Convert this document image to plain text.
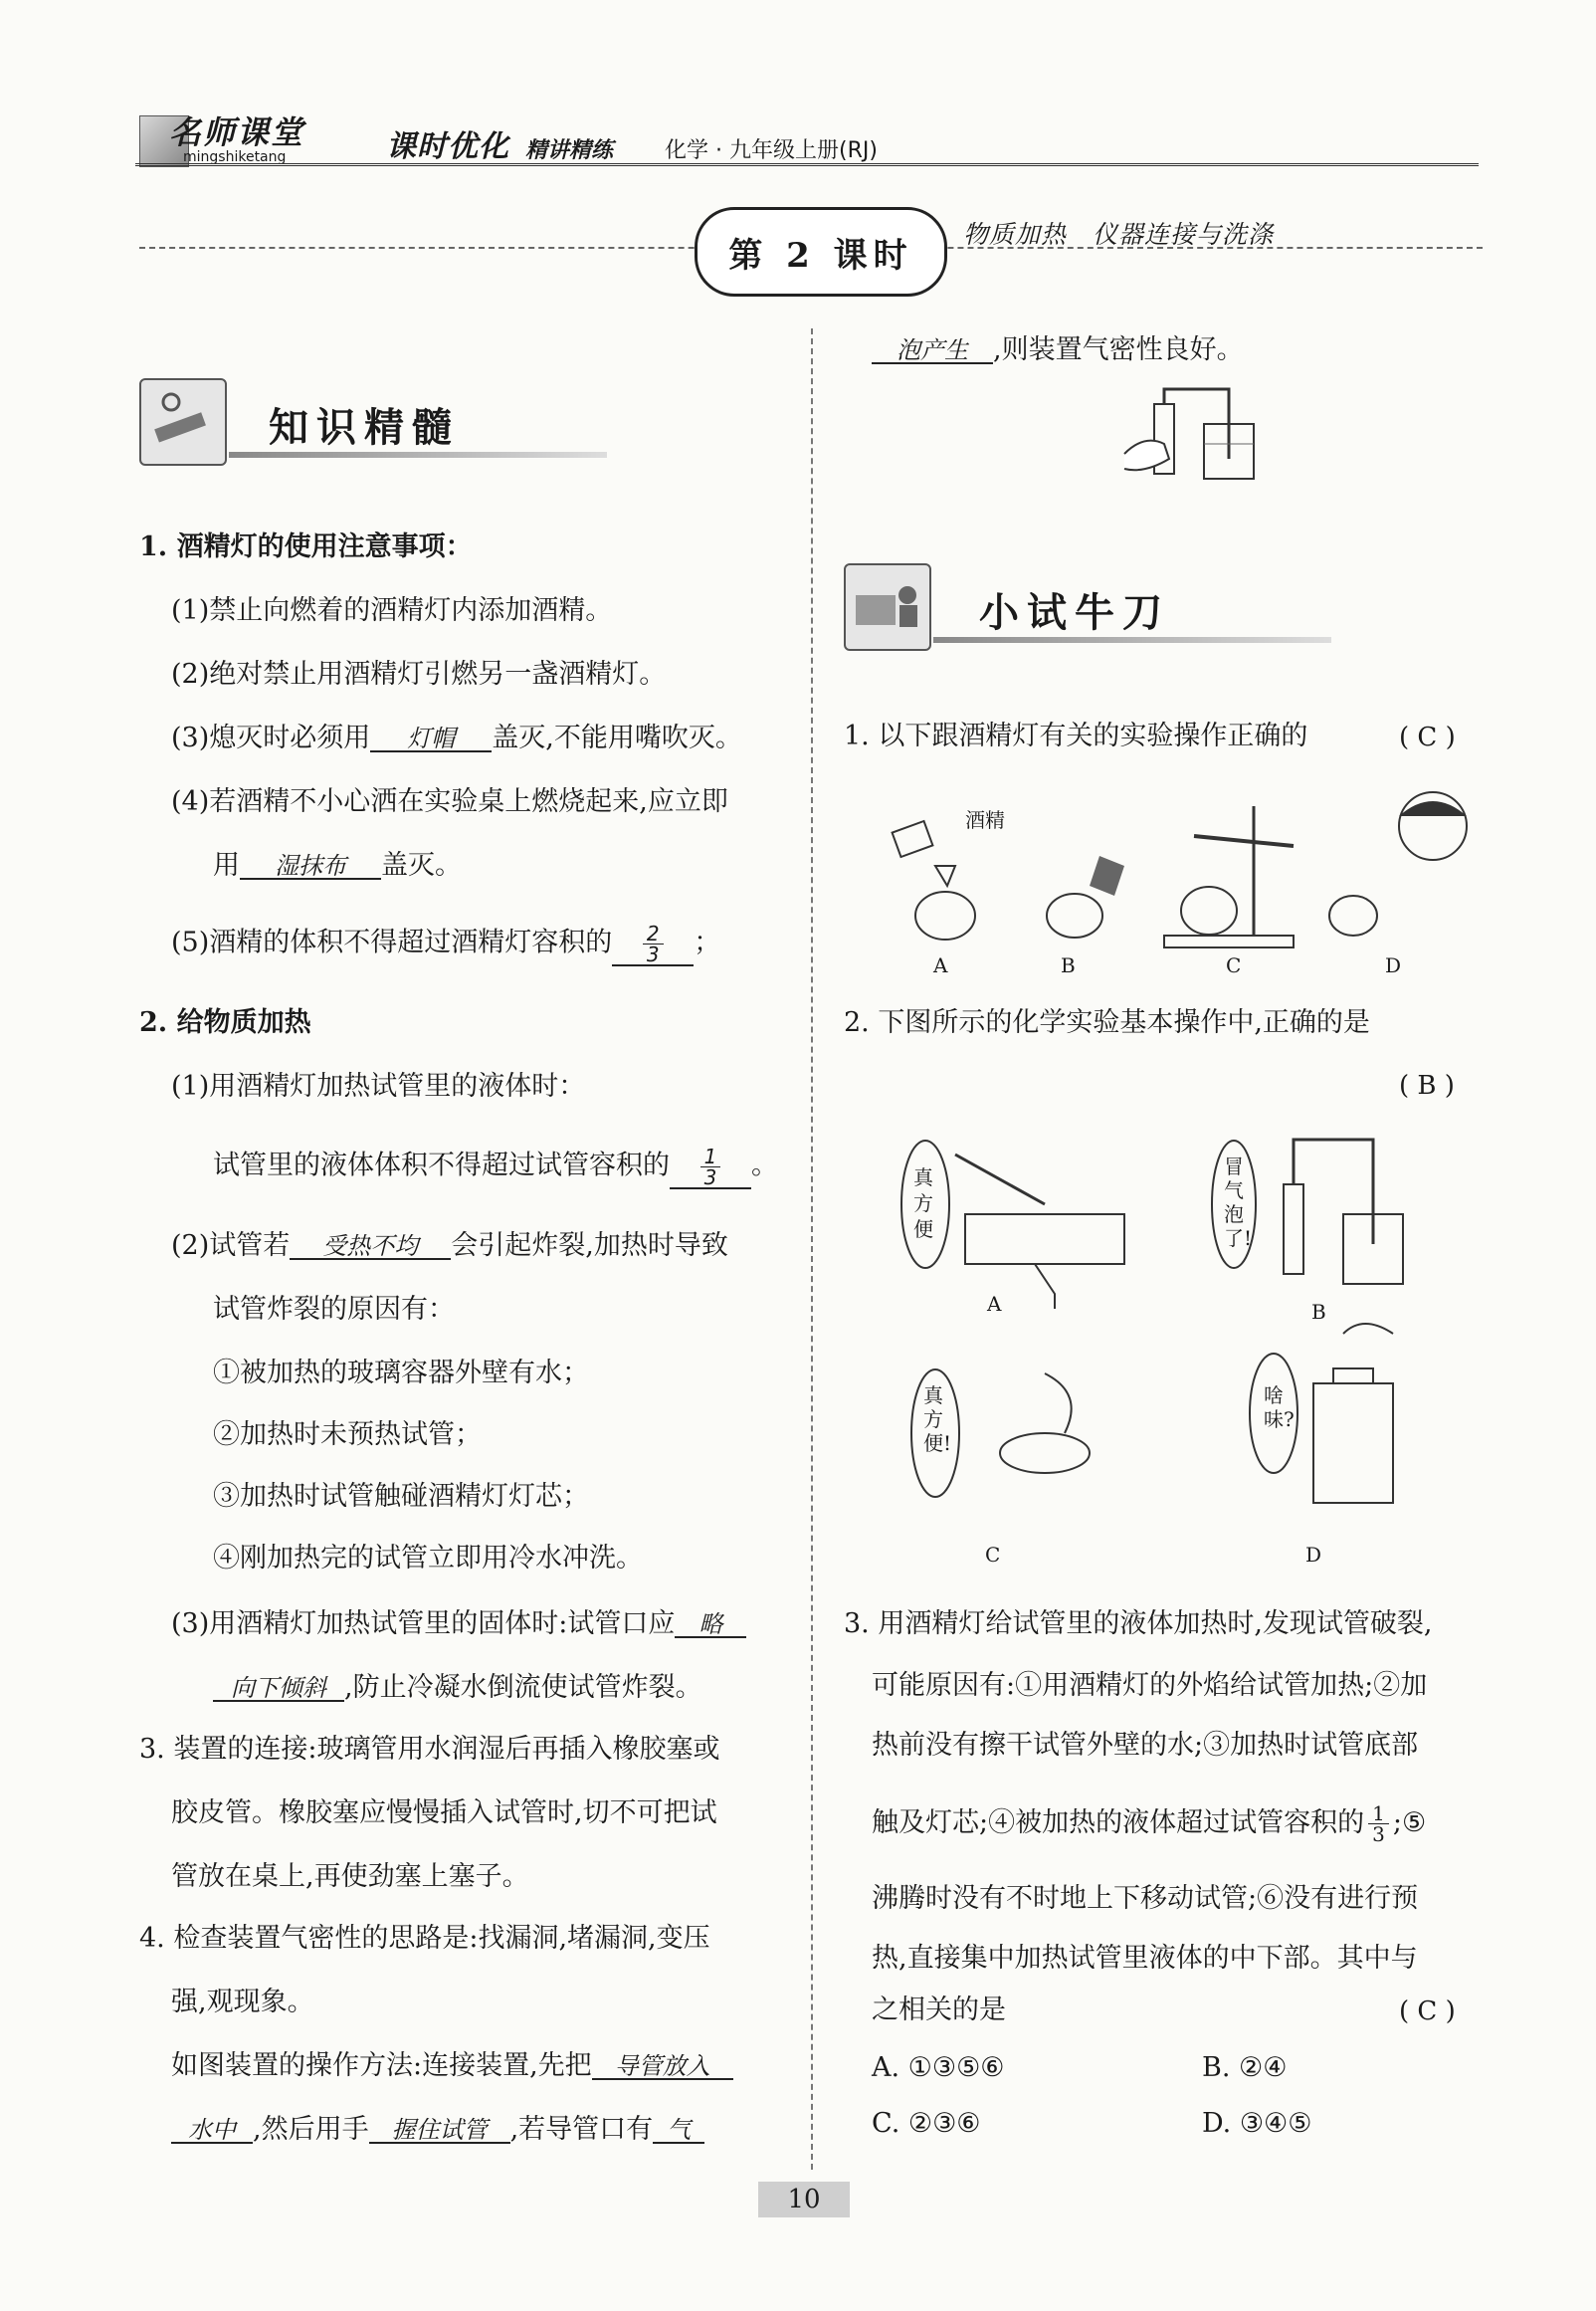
名师课堂
mingshiketang	课时优化 精讲精练 化学 · 九年级上册(RJ)
第 2 课时
物质加热　仪器连接与洗涤
知识精髓
1. 酒精灯的使用注意事项：
(1)禁止向燃着的酒精灯内添加酒精。
(2)绝对禁止用酒精灯引燃另一盏酒精灯。
(3)熄灭时必须用 灯帽 盖灭,不能用嘴吹灭。
(4)若酒精不小心洒在实验桌上燃烧起来,应立即
用 湿抹布 盖灭。
(5)酒精的体积不得超过酒精灯容积的 $\frac{2}{3}$ ；
2. 给物质加热
(1)用酒精灯加热试管里的液体时：
试管里的液体体积不得超过试管容积的 $\frac{1}{3}$ 。
(2)试管若 受热不均 会引起炸裂,加热时导致
试管炸裂的原因有：
①被加热的玻璃容器外壁有水；
②加热时未预热试管；
③加热时试管触碰酒精灯灯芯；
④刚加热完的试管立即用冷水冲洗。
(3)用酒精灯加热试管里的固体时:试管口应 略
向下倾斜 ,防止冷凝水倒流使试管炸裂。
3. 装置的连接:玻璃管用水润湿后再插入橡胶塞或
胶皮管。橡胶塞应慢慢插入试管时,切不可把试
管放在桌上,再使劲塞上塞子。
4. 检查装置气密性的思路是:找漏洞,堵漏洞,变压
强,观现象。
如图装置的操作方法:连接装置,先把 导管放入
水中 ,然后用手 握住试管 ,若导管口有 气
泡产生 ,则装置气密性良好。
小试牛刀
1. 以下跟酒精灯有关的实验操作正确的	( C )
酒精
A	B	C	D
2. 下图所示的化学实验基本操作中,正确的是
( B )
真方便
冒气泡了!
真方便!
啥味?
A	B
C	D
3. 用酒精灯给试管里的液体加热时,发现试管破裂,
可能原因有:①用酒精灯的外焰给试管加热;②加
热前没有擦干试管外壁的水;③加热时试管底部
触及灯芯;④被加热的液体超过试管容积的 $\frac{1}{3}$ ;⑤
沸腾时没有不时地上下移动试管;⑥没有进行预
热,直接集中加热试管里液体的中下部。其中与
之相关的是	( C )
A. ①③⑤⑥	B. ②④
C. ②③⑥	D. ③④⑤
10
